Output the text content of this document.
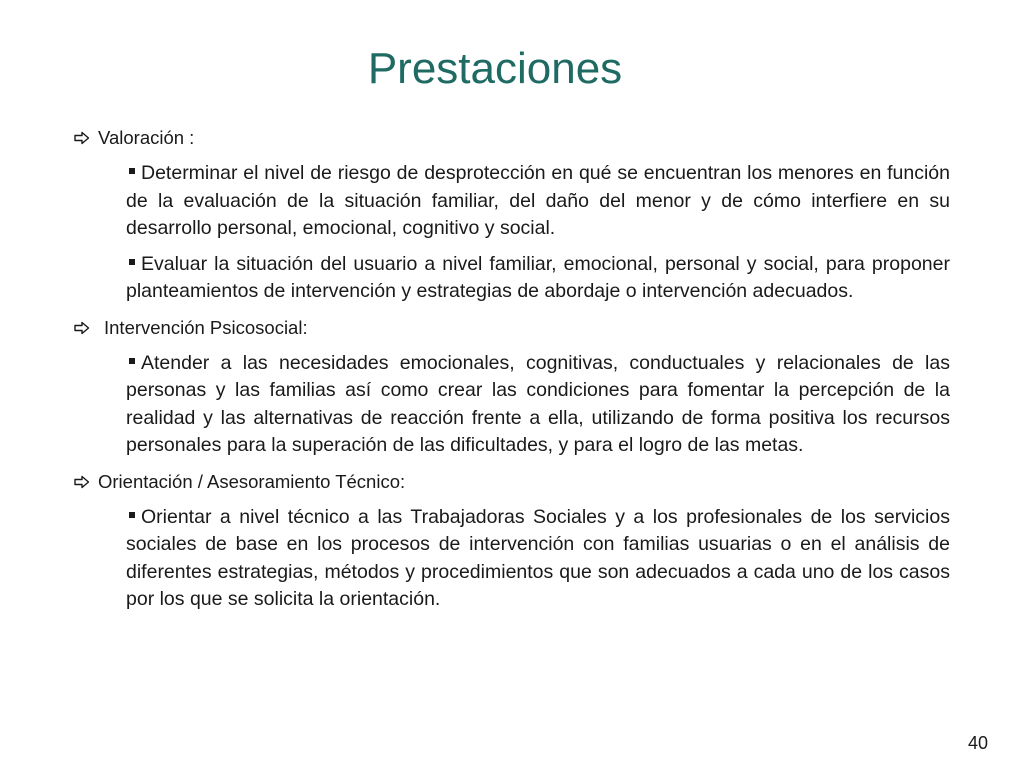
Prestaciones
Valoración :
Determinar el nivel de riesgo de desprotección en qué se encuentran los menores en función de la evaluación de la situación familiar, del daño del menor y de cómo interfiere en su desarrollo personal, emocional, cognitivo y social.
Evaluar la situación del usuario a nivel familiar, emocional, personal y social, para proponer planteamientos de intervención y estrategias de abordaje o intervención adecuados.
Intervención Psicosocial:
Atender a las necesidades emocionales, cognitivas, conductuales y relacionales de las personas y las familias así como crear las condiciones para fomentar la percepción de la realidad y las alternativas de reacción frente a ella, utilizando de forma positiva los recursos personales para la superación de las dificultades, y para el logro de las metas.
Orientación / Asesoramiento Técnico:
Orientar a nivel técnico a las Trabajadoras Sociales y a los profesionales de los servicios sociales de base en los procesos de intervención con familias usuarias o en el análisis de diferentes estrategias, métodos y procedimientos que son adecuados a cada uno de los casos por los que se solicita la orientación.
40
